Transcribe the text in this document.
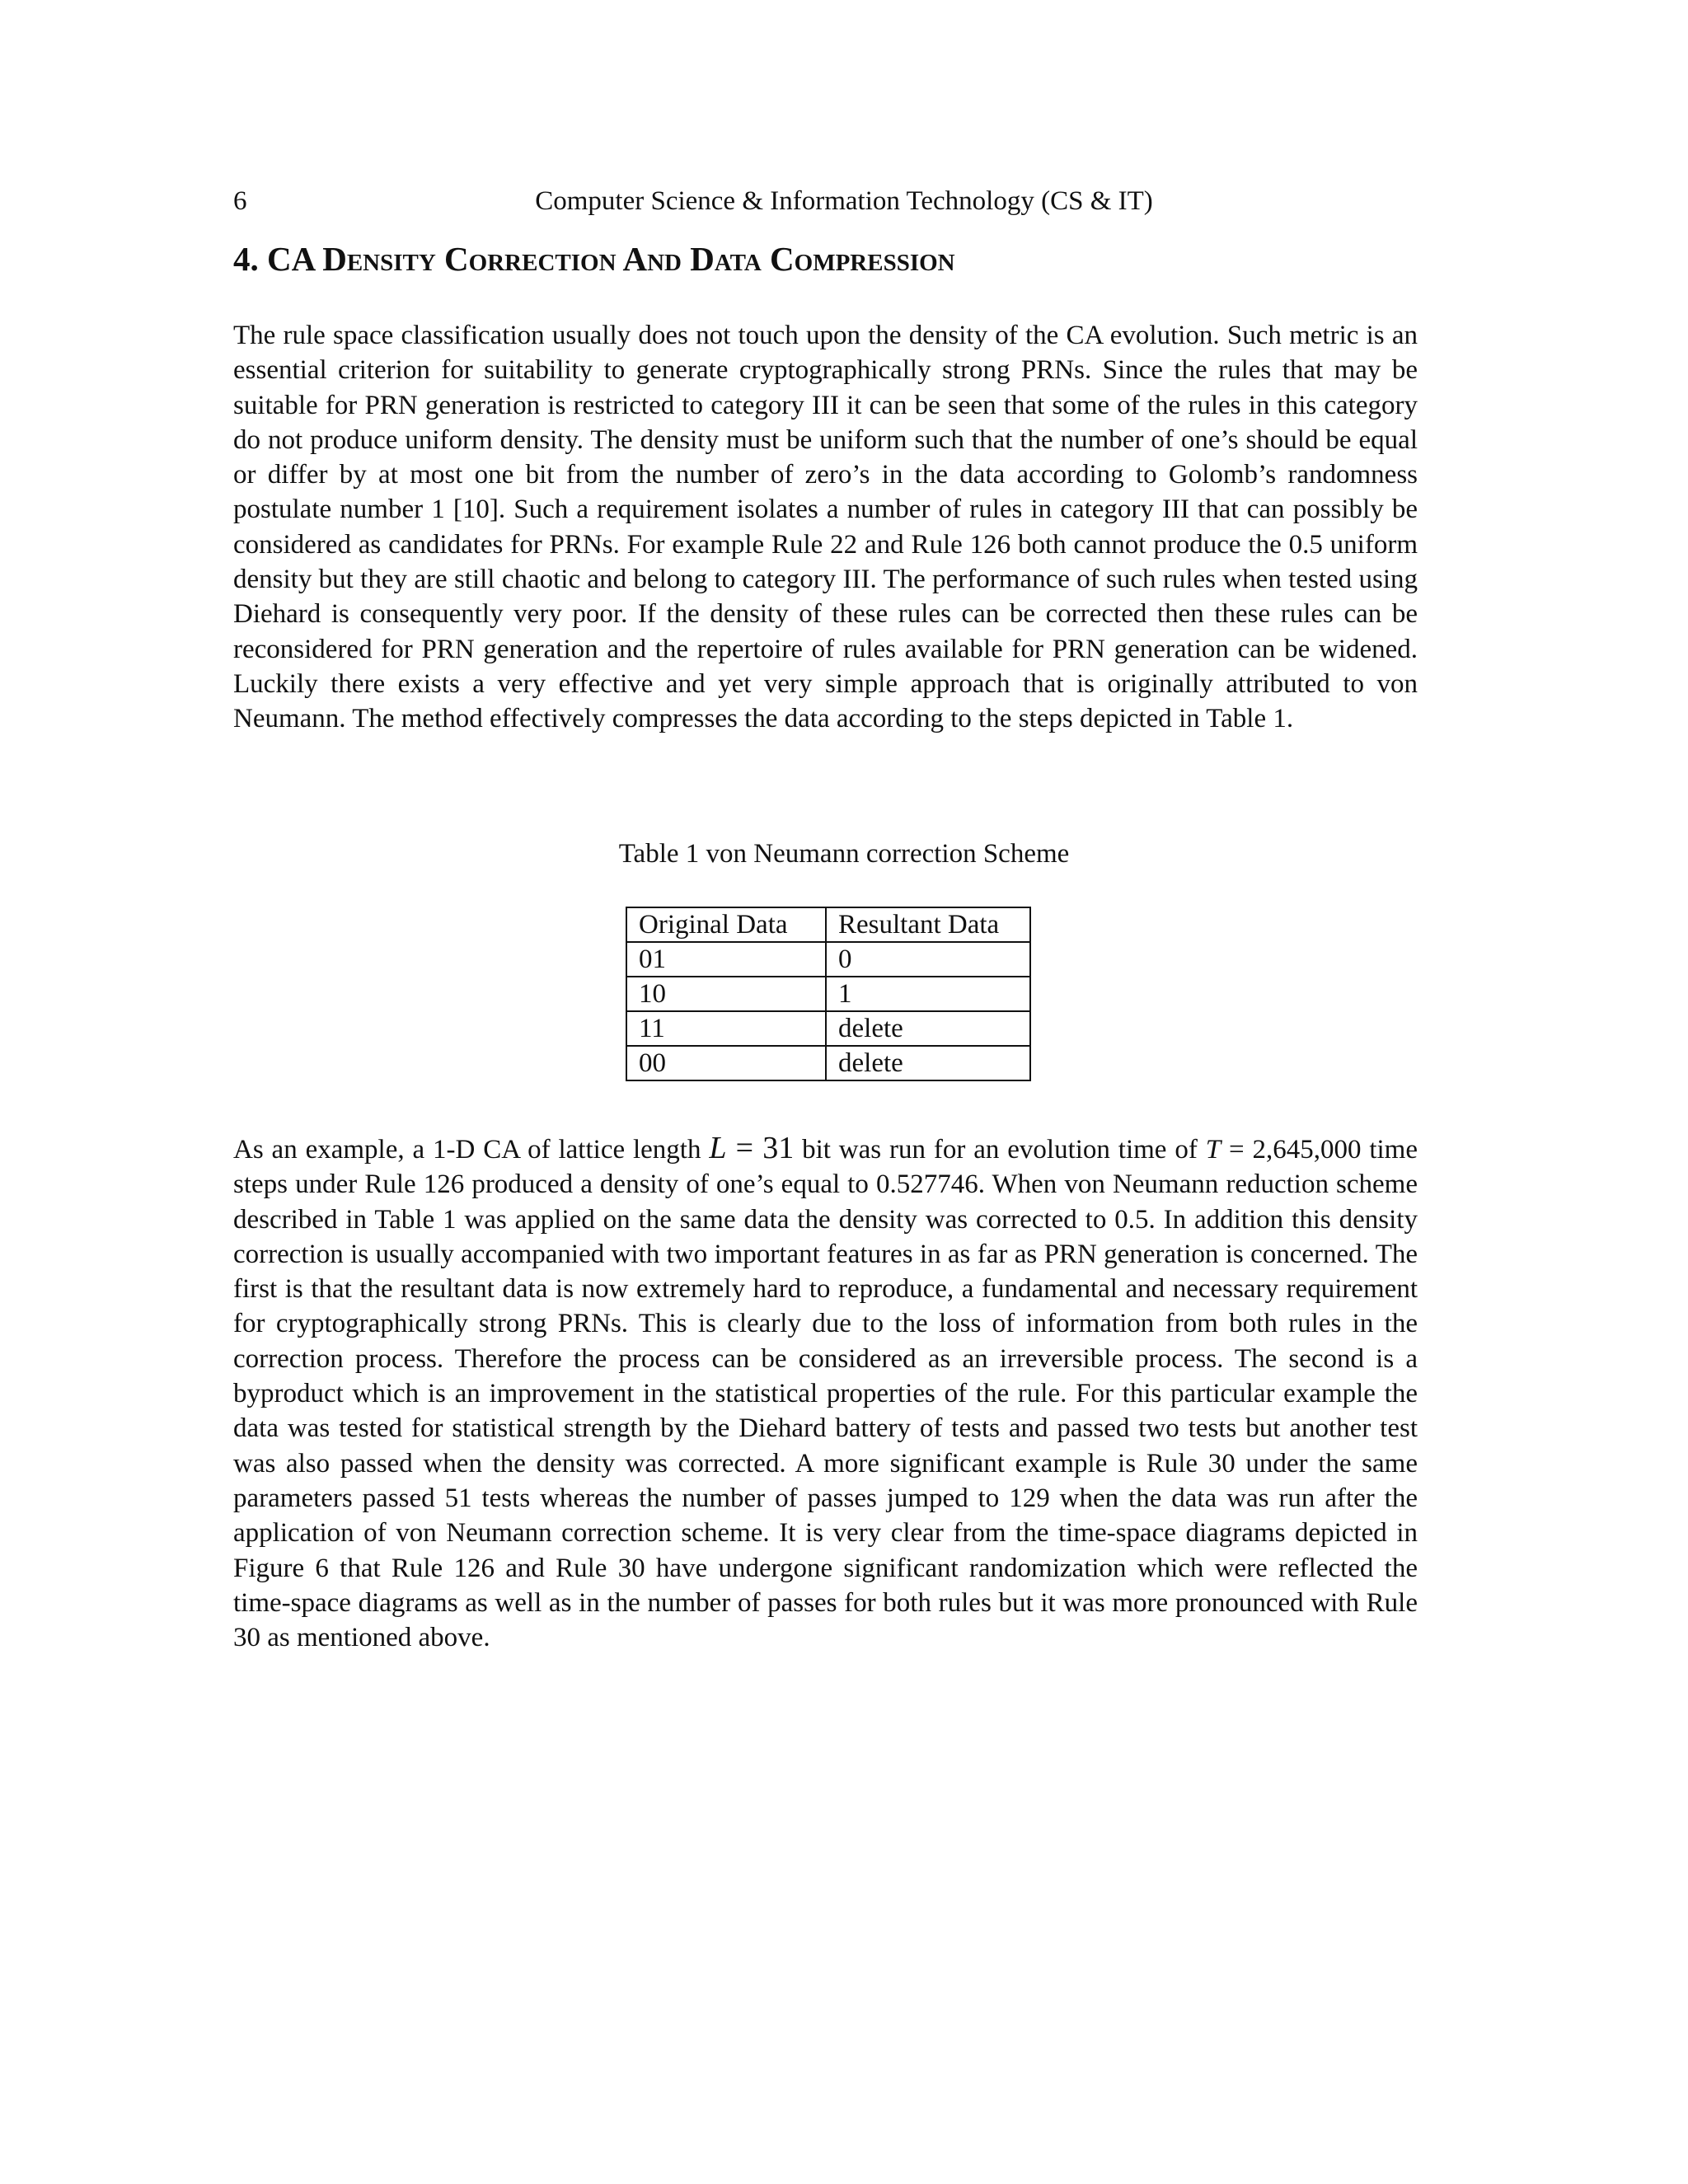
6	Computer Science & Information Technology (CS & IT)
4. CA Density Correction And Data Compression

The rule space classification usually does not touch upon the density of the CA evolution. Such metric is an essential criterion for suitability to generate cryptographically strong PRNs. Since the rules that may be suitable for PRN generation is restricted to category III it can be seen that some of the rules in this category do not produce uniform density. The density must be uniform such that the number of one’s should be equal or differ by at most one bit from the number of zero’s in the data according to Golomb’s randomness postulate number 1 [10]. Such a requirement isolates a number of rules in category III that can possibly be considered as candidates for PRNs. For example Rule 22 and Rule 126 both cannot produce the 0.5 uniform density but they are still chaotic and belong to category III. The performance of such rules when tested using Diehard is consequently very poor. If the density of these rules can be corrected then these rules can be reconsidered for PRN generation and the repertoire of rules available for PRN generation can be widened. Luckily there exists a very effective and yet very simple approach that is originally attributed to von Neumann. The method effectively compresses the data according to the steps depicted in Table 1.

Table 1 von Neumann correction Scheme
Original Data	Resultant Data
01	0
10	1
11	delete
00	delete

As an example, a 1-D CA of lattice length L = 31 bit was run for an evolution time of T = 2,645,000 time steps under Rule 126 produced a density of one’s equal to 0.527746. When von Neumann reduction scheme described in Table 1 was applied on the same data the density was corrected to 0.5. In addition this density correction is usually accompanied with two important features in as far as PRN generation is concerned. The first is that the resultant data is now extremely hard to reproduce, a fundamental and necessary requirement for cryptographically strong PRNs. This is clearly due to the loss of information from both rules in the correction process. Therefore the process can be considered as an irreversible process. The second is a byproduct which is an improvement in the statistical properties of the rule. For this particular example the data was tested for statistical strength by the Diehard battery of tests and passed two tests but another test was also passed when the density was corrected. A more significant example is Rule 30 under the same parameters passed 51 tests whereas the number of passes jumped to 129 when the data was run after the application of von Neumann correction scheme. It is very clear from the time-space diagrams depicted in Figure 6 that Rule 126 and Rule 30 have undergone significant randomization which were reflected the time-space diagrams as well as in the number of passes for both rules but it was more pronounced with Rule 30 as mentioned above.
